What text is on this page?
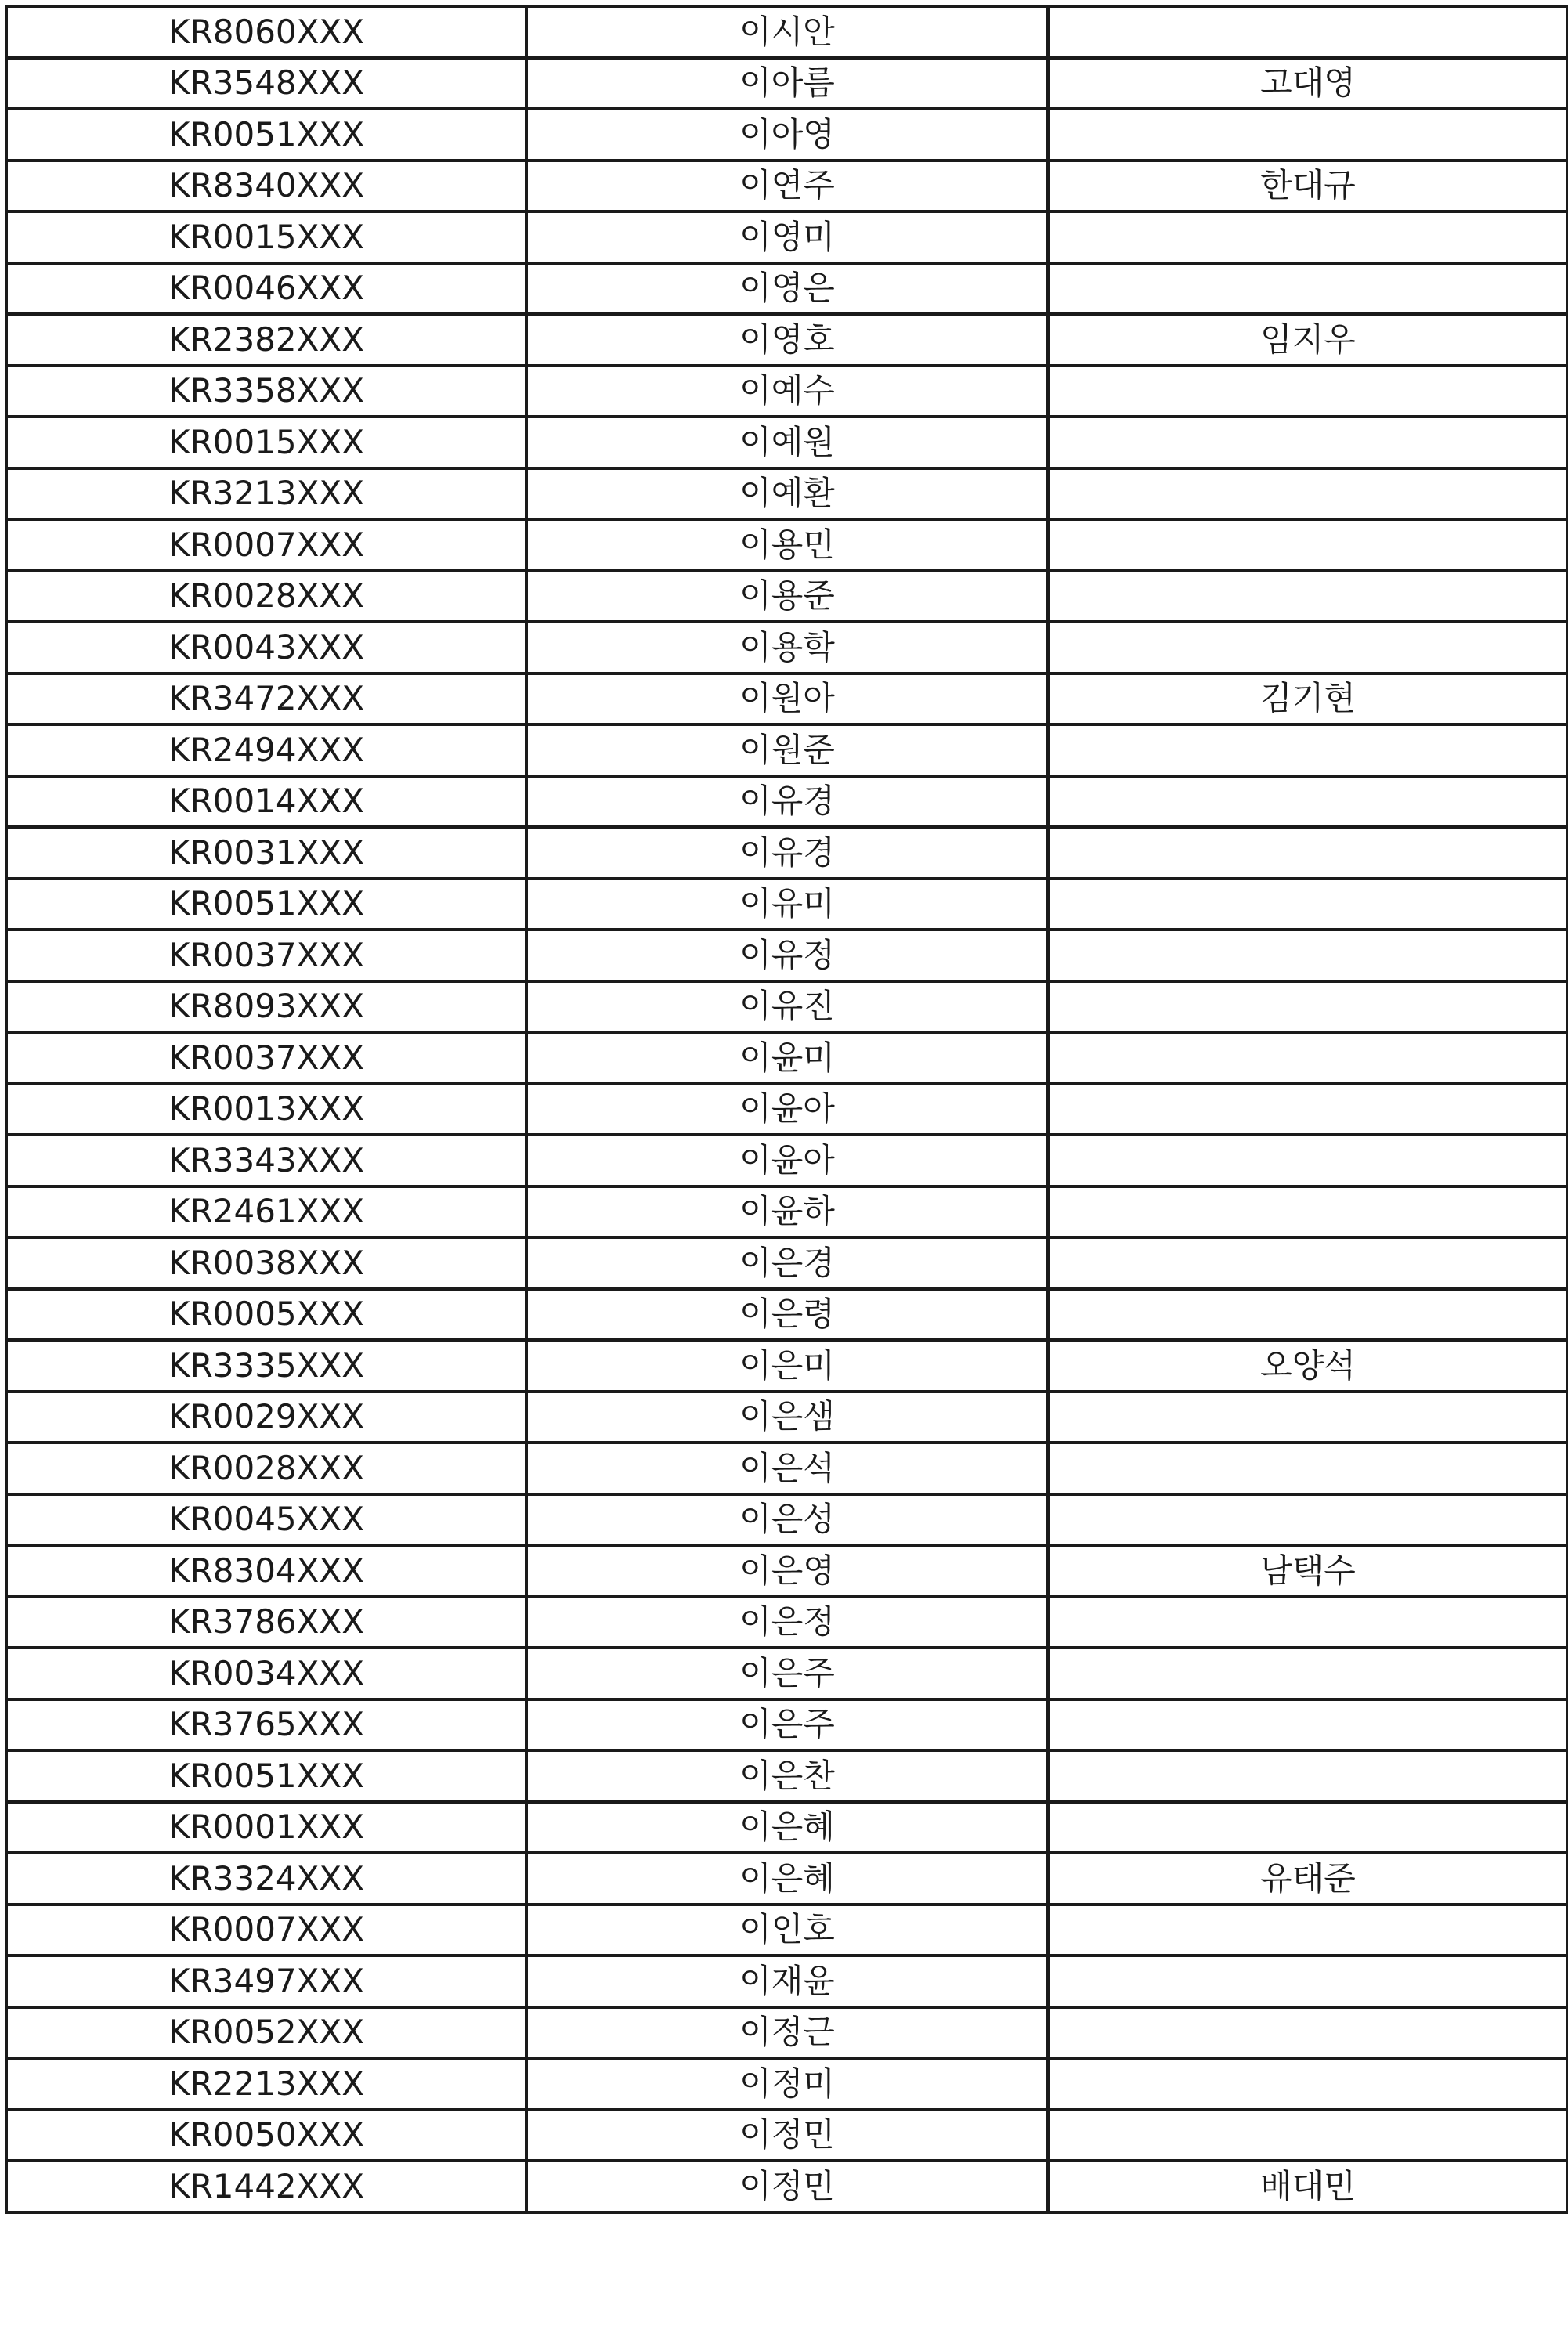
KR8060XXX	이시안	
KR3548XXX	이아름	고대영
KR0051XXX	이아영	
KR8340XXX	이연주	한대규
KR0015XXX	이영미	
KR0046XXX	이영은	
KR2382XXX	이영호	임지우
KR3358XXX	이예수	
KR0015XXX	이예원	
KR3213XXX	이예환	
KR0007XXX	이용민	
KR0028XXX	이용준	
KR0043XXX	이용학	
KR3472XXX	이원아	김기현
KR2494XXX	이원준	
KR0014XXX	이유경	
KR0031XXX	이유경	
KR0051XXX	이유미	
KR0037XXX	이유정	
KR8093XXX	이유진	
KR0037XXX	이윤미	
KR0013XXX	이윤아	
KR3343XXX	이윤아	
KR2461XXX	이윤하	
KR0038XXX	이은경	
KR0005XXX	이은령	
KR3335XXX	이은미	오양석
KR0029XXX	이은샘	
KR0028XXX	이은석	
KR0045XXX	이은성	
KR8304XXX	이은영	남택수
KR3786XXX	이은정	
KR0034XXX	이은주	
KR3765XXX	이은주	
KR0051XXX	이은찬	
KR0001XXX	이은혜	
KR3324XXX	이은혜	유태준
KR0007XXX	이인호	
KR3497XXX	이재윤	
KR0052XXX	이정근	
KR2213XXX	이정미	
KR0050XXX	이정민	
KR1442XXX	이정민	배대민
